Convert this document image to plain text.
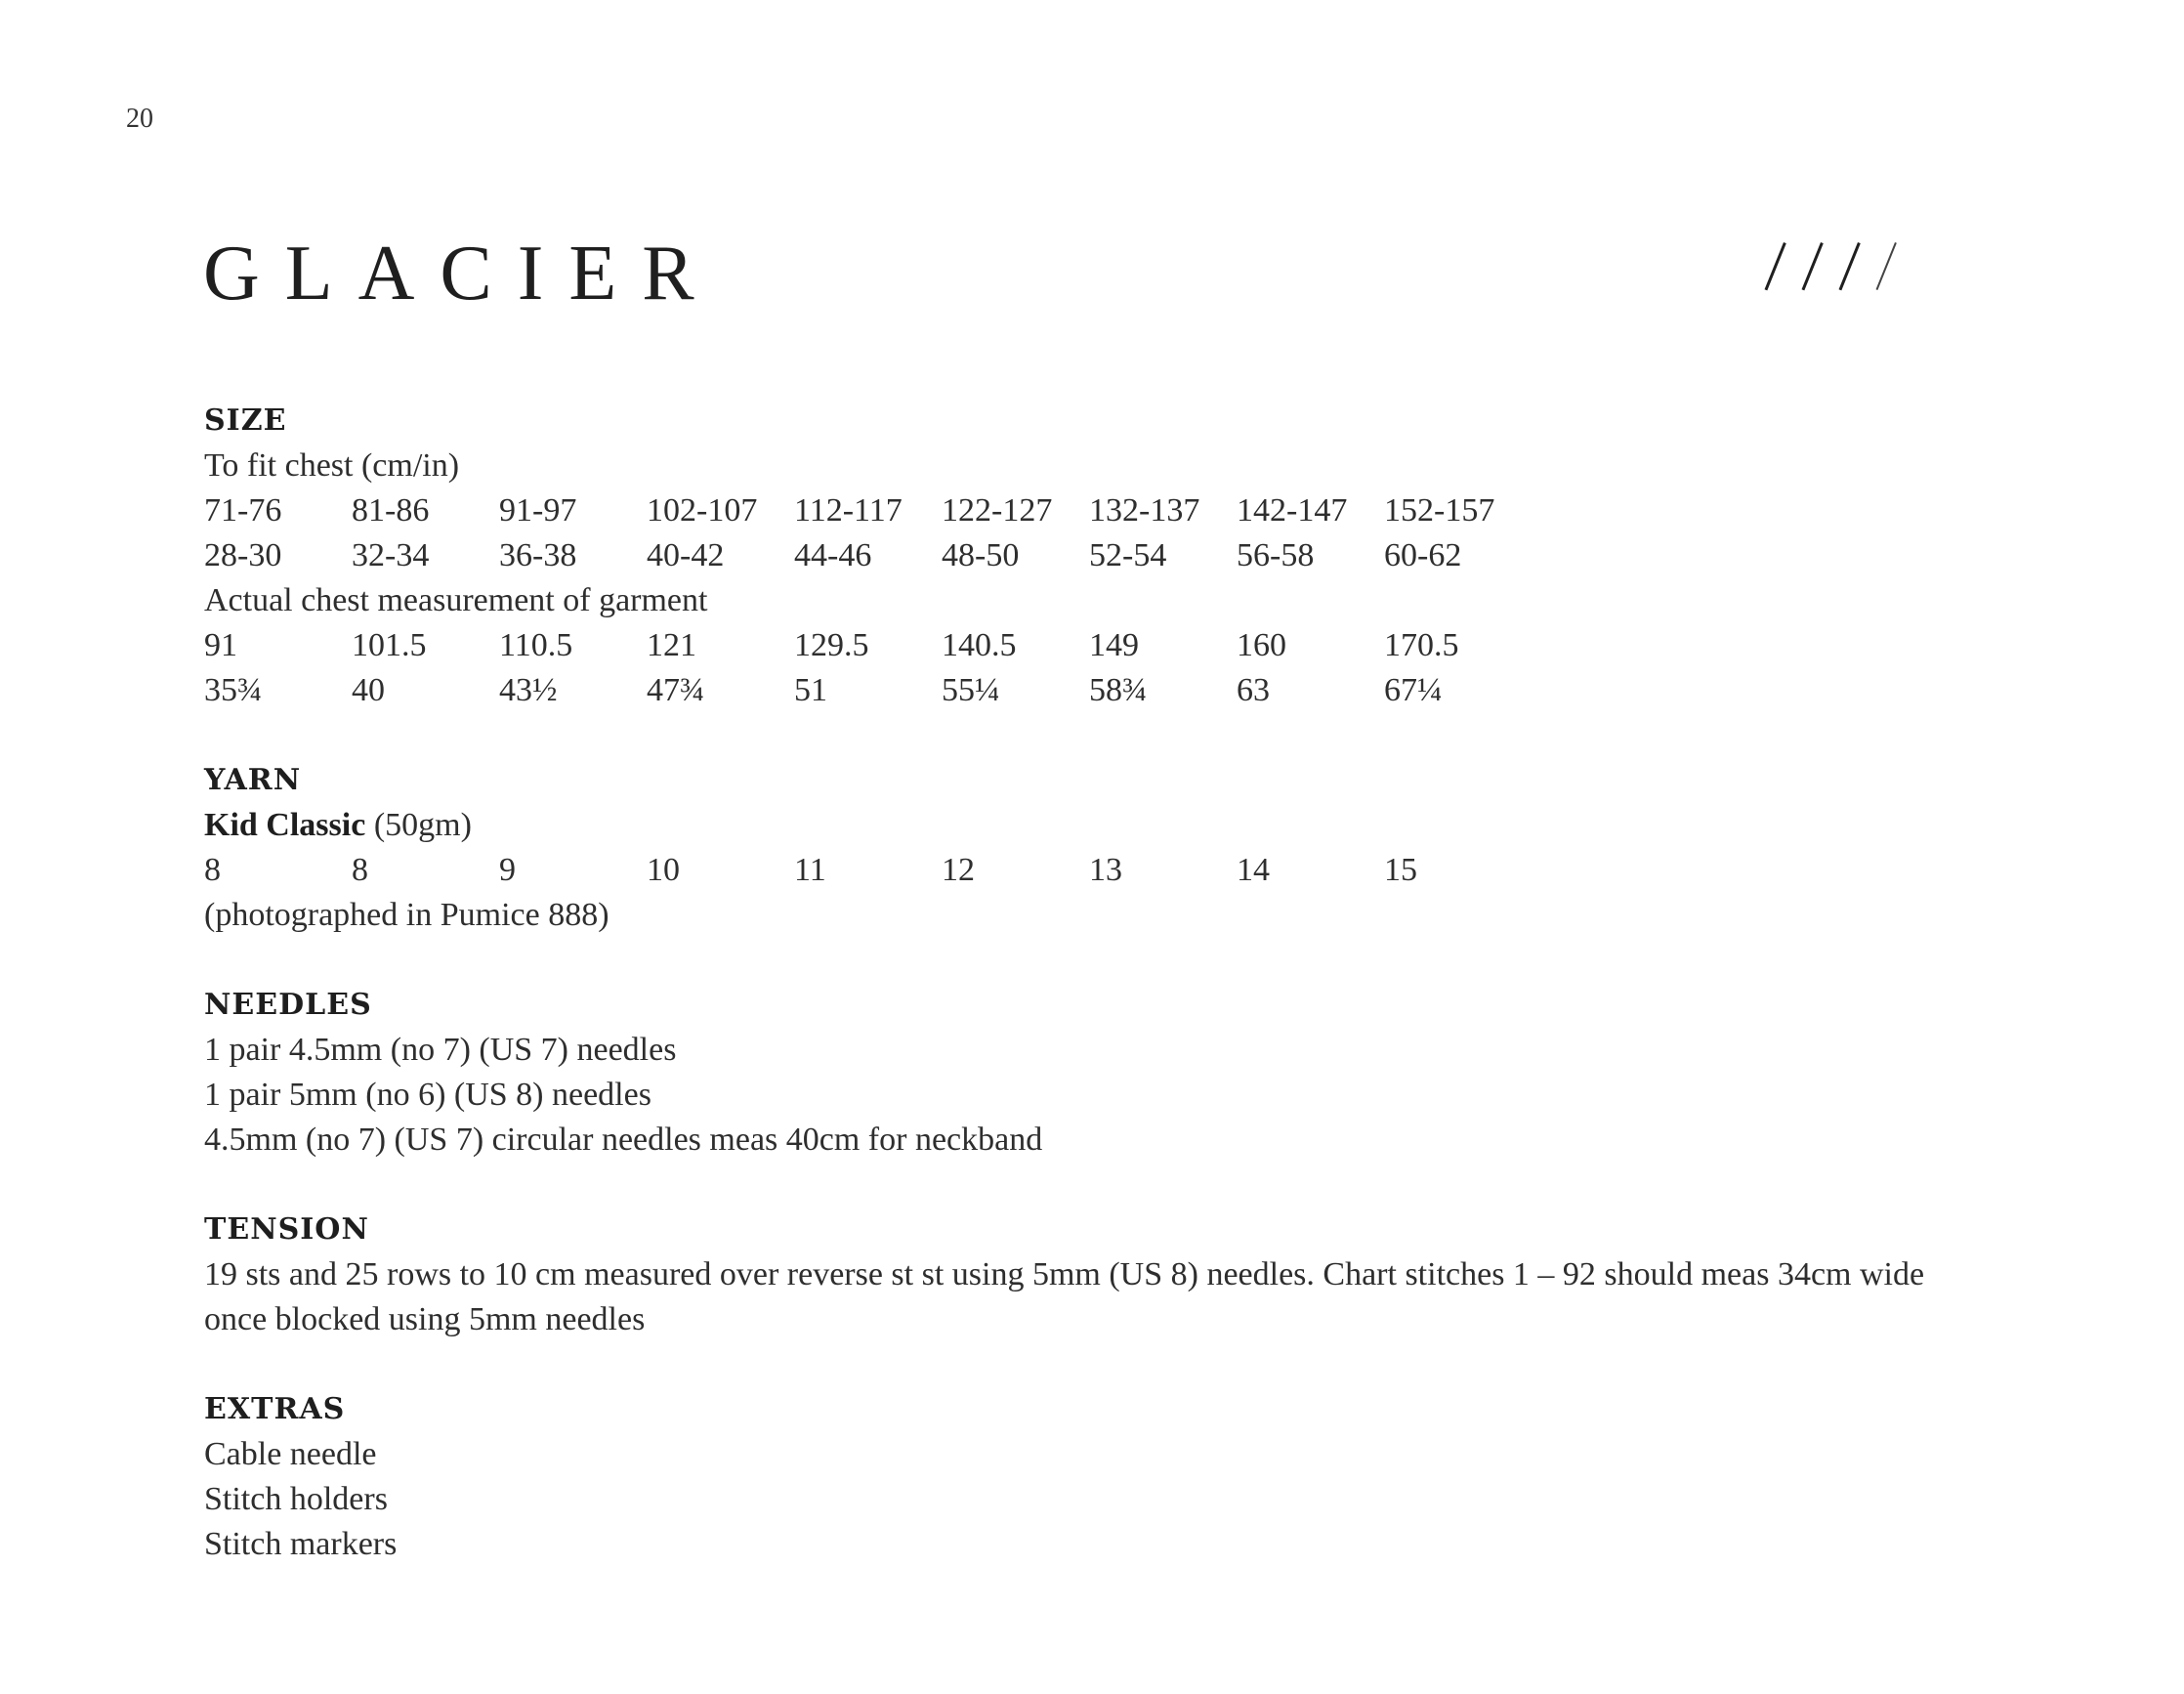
20
GLACIER
SIZE
To fit chest (cm/in)
71-76	81-86	91-97	102-107	112-117	122-127	132-137	142-147	152-157
28-30	32-34	36-38	40-42	44-46	48-50	52-54	56-58	60-62
Actual chest measurement of garment
91	101.5	110.5	121	129.5	140.5	149	160	170.5
35¾	40	43½	47¾	51	55¼	58¾	63	67¼
YARN
Kid Classic (50gm)
8	8	9	10	11	12	13	14	15
(photographed in Pumice 888)
NEEDLES
1 pair 4.5mm (no 7) (US 7) needles
1 pair 5mm (no 6) (US 8) needles
4.5mm (no 7) (US 7) circular needles meas 40cm for neckband
TENSION
19 sts and 25 rows to 10 cm measured over reverse st st using 5mm (US 8) needles. Chart stitches 1 – 92 should meas 34cm wide once blocked using 5mm needles
EXTRAS
Cable needle
Stitch holders
Stitch markers
